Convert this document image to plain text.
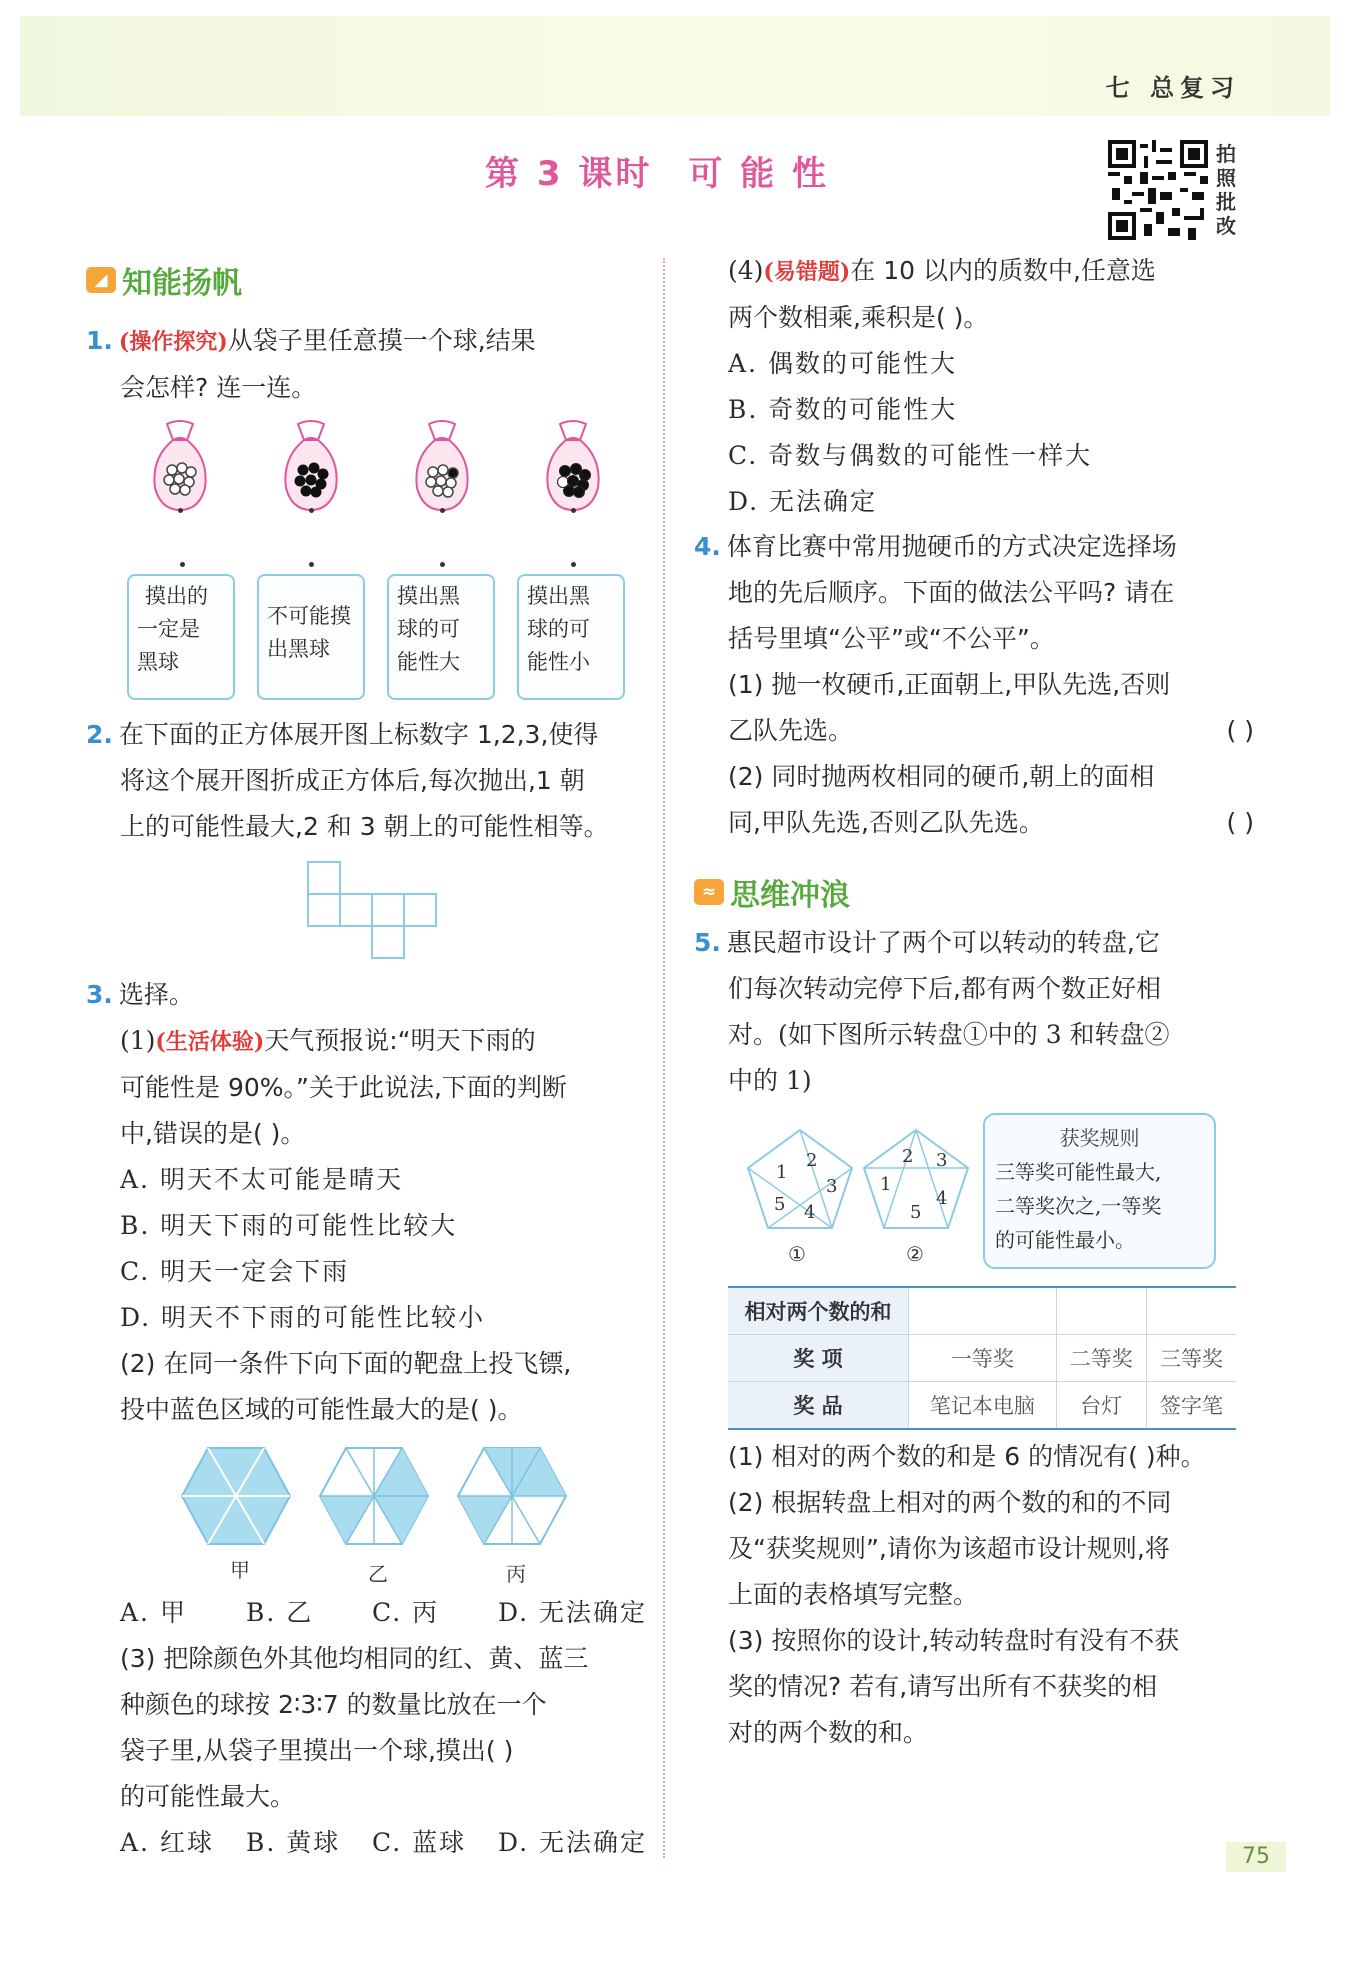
七 总复习
第 3 课时 可 能 性	拍照批改
◢ 知能扬帆
1. (操作探究)从袋子里任意摸一个球,结果
会怎样? 连一连。
摸出的
一定是
黑球
不可能摸
出黑球
摸出黑
球的可
能性大
摸出黑
球的可
能性小
2. 在下面的正方体展开图上标数字 1,2,3,使得
将这个展开图折成正方体后,每次抛出,1 朝
上的可能性最大,2 和 3 朝上的可能性相等。
3. 选择。
(1)(生活体验)天气预报说:“明天下雨的
可能性是 90%。”关于此说法,下面的判断
中,错误的是( )。
A. 明天不太可能是晴天
B. 明天下雨的可能性比较大
C. 明天一定会下雨
D. 明天不下雨的可能性比较小
(2) 在同一条件下向下面的靶盘上投飞镖,
投中蓝色区域的可能性最大的是( )。
甲	乙	丙
A. 甲	B. 乙	C. 丙	D. 无法确定
(3) 把除颜色外其他均相同的红、黄、蓝三
种颜色的球按 2∶3∶7 的数量比放在一个
袋子里,从袋子里摸出一个球,摸出( )
的可能性最大。
A. 红球	B. 黄球	C. 蓝球	D. 无法确定
(4)(易错题)在 10 以内的质数中,任意选
两个数相乘,乘积是( )。
A. 偶数的可能性大
B. 奇数的可能性大
C. 奇数与偶数的可能性一样大
D. 无法确定
4. 体育比赛中常用抛硬币的方式决定选择场
地的先后顺序。下面的做法公平吗? 请在
括号里填“公平”或“不公平”。
(1) 抛一枚硬币,正面朝上,甲队先选,否则
乙队先选。	( )
(2) 同时抛两枚相同的硬币,朝上的面相
同,甲队先选,否则乙队先选。	( )
≈ 思维冲浪
5. 惠民超市设计了两个可以转动的转盘,它
们每次转动完停下后,都有两个数正好相
对。(如下图所示转盘①中的 3 和转盘②
中的 1)
1
2
3
4
5
2 3
4
5
1
①	②
获奖规则
三等奖可能性最大,
二等奖次之,一等奖
的可能性最小。
相对两个数的和			
奖 项	一等奖	二等奖	三等奖
奖 品	笔记本电脑	台灯	签字笔
(1) 相对的两个数的和是 6 的情况有( )种。
(2) 根据转盘上相对的两个数的和的不同
及“获奖规则”,请你为该超市设计规则,将
上面的表格填写完整。
(3) 按照你的设计,转动转盘时有没有不获
奖的情况? 若有,请写出所有不获奖的相
对的两个数的和。
75
